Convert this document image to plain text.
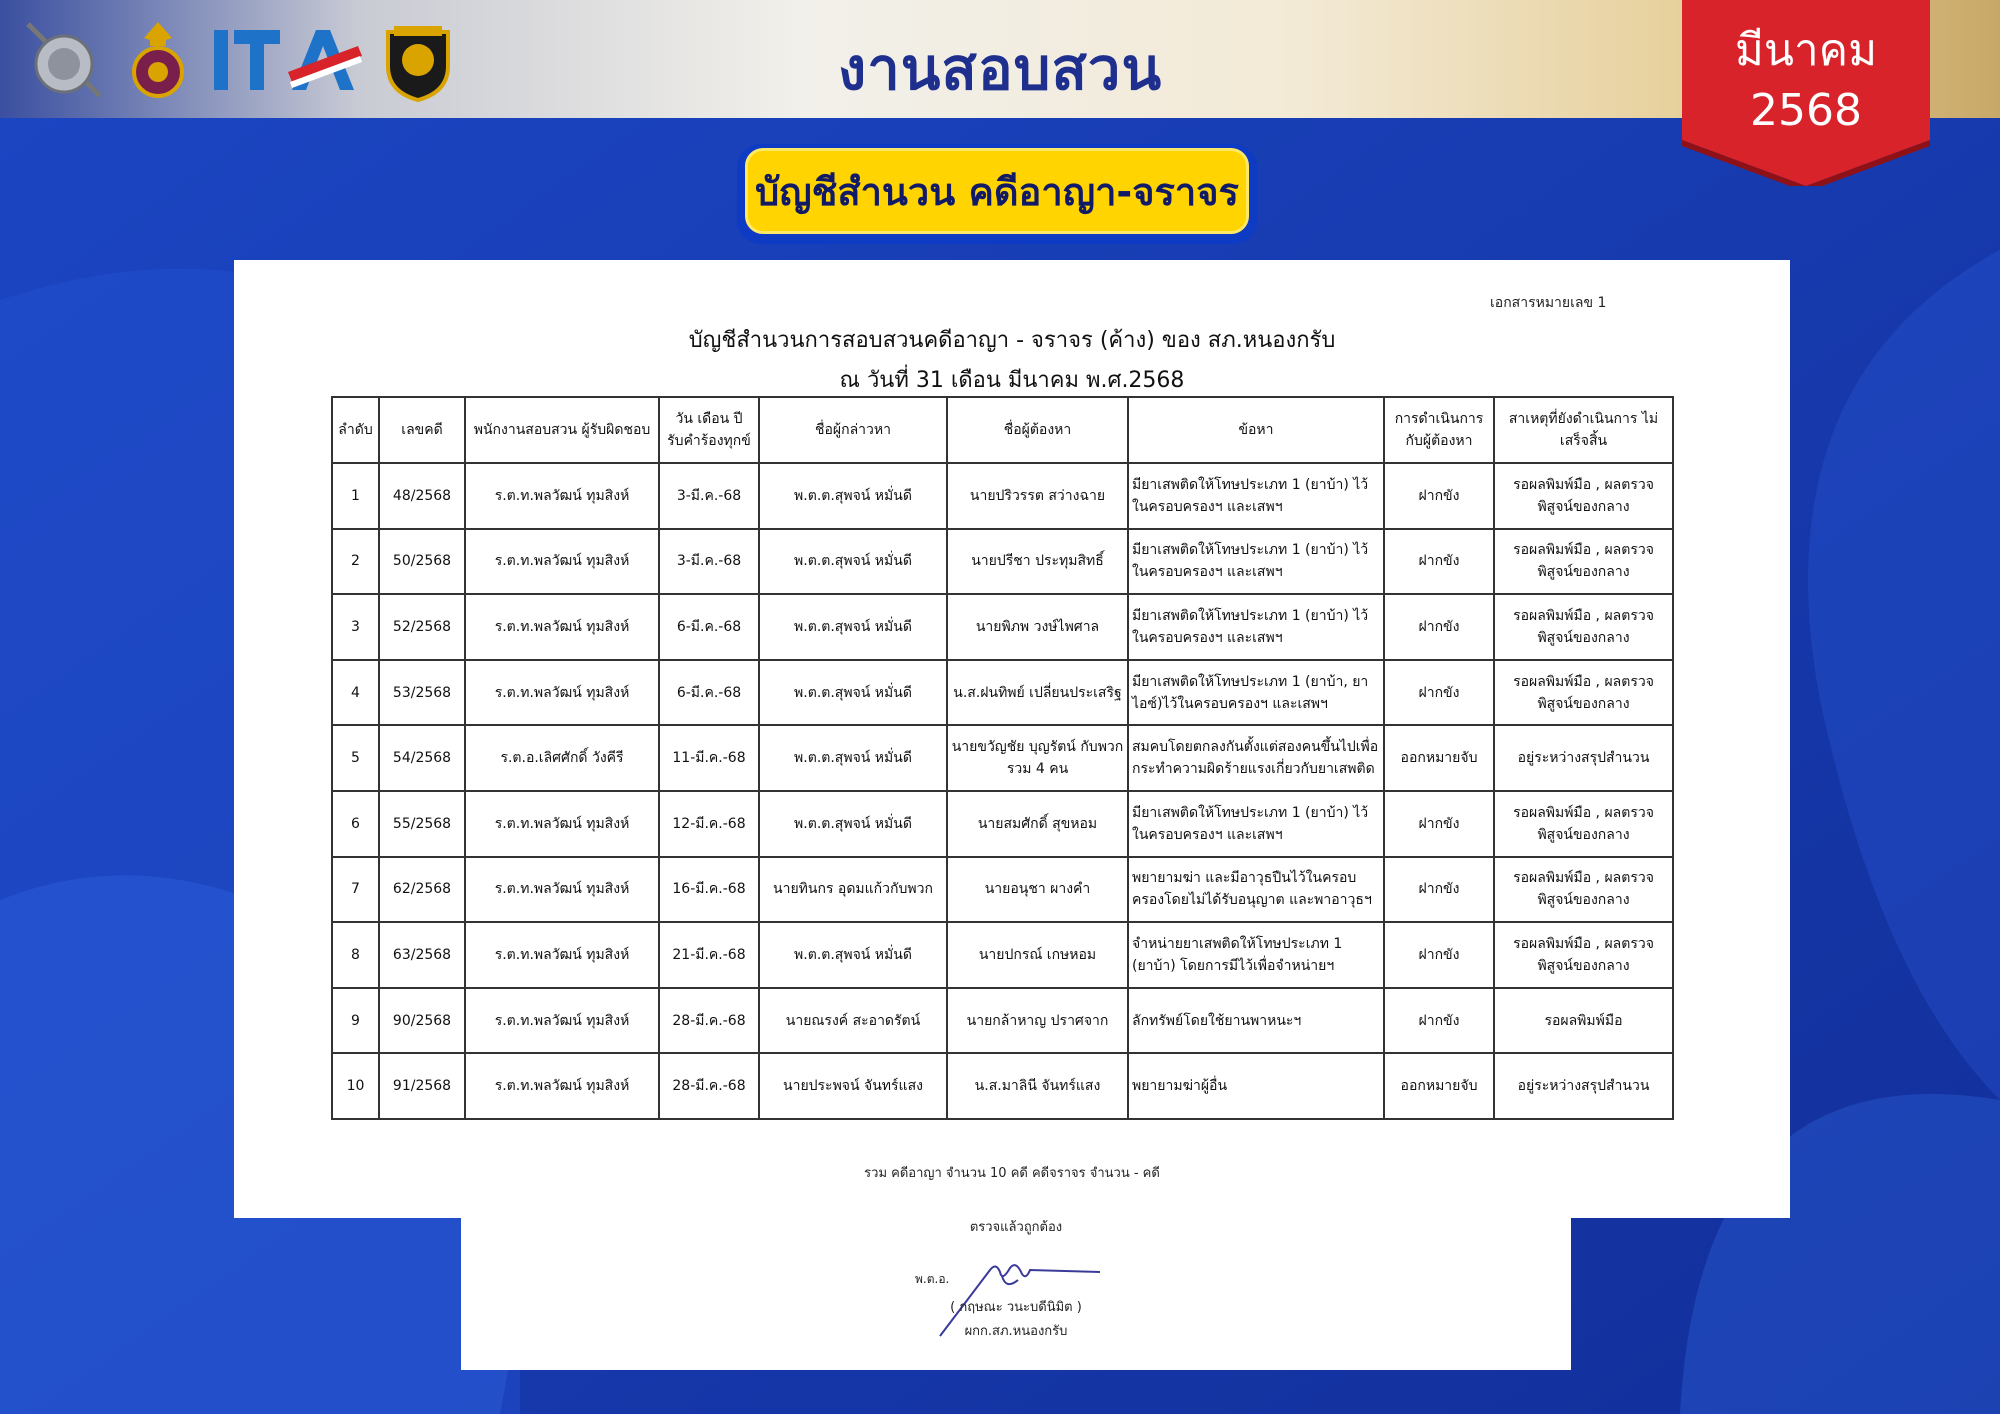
งานสอบสวน	มีนาคม
2568
บัญชีสำนวน คดีอาญา-จราจร
เอกสารหมายเลข 1
บัญชีสำนวนการสอบสวนคดีอาญา - จราจร (ค้าง) ของ สภ.หนองกรับ
ณ วันที่ 31 เดือน มีนาคม พ.ศ.2568
ลำดับ	เลขคดี	พนักงานสอบสวน ผู้รับผิดชอบ	วัน เดือน ปี รับคำร้องทุกข์	ชื่อผู้กล่าวหา	ชื่อผู้ต้องหา	ข้อหา	การดำเนินการ กับผู้ต้องหา	สาเหตุที่ยังดำเนินการ ไม่เสร็จสิ้น
1	48/2568	ร.ต.ท.พลวัฒน์ ทุมสิงห์	3-มี.ค.-68	พ.ต.ต.สุพจน์ หมั่นดี	นายปริวรรต สว่างฉาย	มียาเสพติดให้โทษประเภท 1 (ยาบ้า) ไว้ในครอบครองฯ และเสพฯ	ฝากขัง	รอผลพิมพ์มือ , ผลตรวจ พิสูจน์ของกลาง
2	50/2568	ร.ต.ท.พลวัฒน์ ทุมสิงห์	3-มี.ค.-68	พ.ต.ต.สุพจน์ หมั่นดี	นายปรีชา ประทุมสิทธิ์	มียาเสพติดให้โทษประเภท 1 (ยาบ้า) ไว้ในครอบครองฯ และเสพฯ	ฝากขัง	รอผลพิมพ์มือ , ผลตรวจ พิสูจน์ของกลาง
3	52/2568	ร.ต.ท.พลวัฒน์ ทุมสิงห์	6-มี.ค.-68	พ.ต.ต.สุพจน์ หมั่นดี	นายพิภพ วงษ์ไพศาล	มียาเสพติดให้โทษประเภท 1 (ยาบ้า) ไว้ในครอบครองฯ และเสพฯ	ฝากขัง	รอผลพิมพ์มือ , ผลตรวจ พิสูจน์ของกลาง
4	53/2568	ร.ต.ท.พลวัฒน์ ทุมสิงห์	6-มี.ค.-68	พ.ต.ต.สุพจน์ หมั่นดี	น.ส.ฝนทิพย์ เปลี่ยนประเสริฐ	มียาเสพติดให้โทษประเภท 1 (ยาบ้า, ยาไอซ์)ไว้ในครอบครองฯ และเสพฯ	ฝากขัง	รอผลพิมพ์มือ , ผลตรวจ พิสูจน์ของกลาง
5	54/2568	ร.ต.อ.เลิศศักดิ์ วังคีรี	11-มี.ค.-68	พ.ต.ต.สุพจน์ หมั่นดี	นายขวัญชัย บุญรัตน์ กับพวกรวม 4 คน	สมคบโดยตกลงกันตั้งแต่สองคนขึ้นไปเพื่อ กระทำความผิดร้ายแรงเกี่ยวกับยาเสพติด	ออกหมายจับ	อยู่ระหว่างสรุปสำนวน
6	55/2568	ร.ต.ท.พลวัฒน์ ทุมสิงห์	12-มี.ค.-68	พ.ต.ต.สุพจน์ หมั่นดี	นายสมศักดิ์ สุขหอม	มียาเสพติดให้โทษประเภท 1 (ยาบ้า) ไว้ในครอบครองฯ และเสพฯ	ฝากขัง	รอผลพิมพ์มือ , ผลตรวจ พิสูจน์ของกลาง
7	62/2568	ร.ต.ท.พลวัฒน์ ทุมสิงห์	16-มี.ค.-68	นายทินกร อุดมแก้วกับพวก	นายอนุชา ผางคำ	พยายามฆ่า และมีอาวุธปืนไว้ในครอบ ครองโดยไม่ได้รับอนุญาต และพาอาวุธฯ	ฝากขัง	รอผลพิมพ์มือ , ผลตรวจ พิสูจน์ของกลาง
8	63/2568	ร.ต.ท.พลวัฒน์ ทุมสิงห์	21-มี.ค.-68	พ.ต.ต.สุพจน์ หมั่นดี	นายปกรณ์ เกษหอม	จำหน่ายยาเสพติดให้โทษประเภท 1 (ยาบ้า) โดยการมีไว้เพื่อจำหน่ายฯ	ฝากขัง	รอผลพิมพ์มือ , ผลตรวจ พิสูจน์ของกลาง
9	90/2568	ร.ต.ท.พลวัฒน์ ทุมสิงห์	28-มี.ค.-68	นายณรงค์ สะอาดรัตน์	นายกล้าหาญ ปราศจาก	ลักทรัพย์โดยใช้ยานพาหนะฯ	ฝากขัง	รอผลพิมพ์มือ
10	91/2568	ร.ต.ท.พลวัฒน์ ทุมสิงห์	28-มี.ค.-68	นายประพจน์ จันทร์แสง	น.ส.มาลินี จันทร์แสง	พยายามฆ่าผู้อื่น	ออกหมายจับ	อยู่ระหว่างสรุปสำนวน
รวม คดีอาญา จำนวน 10 คดี คดีจราจร จำนวน - คดี
ตรวจแล้วถูกต้อง
พ.ต.อ.
( กฤษณะ วนะบดีนิมิต )
ผกก.สภ.หนองกรับ
